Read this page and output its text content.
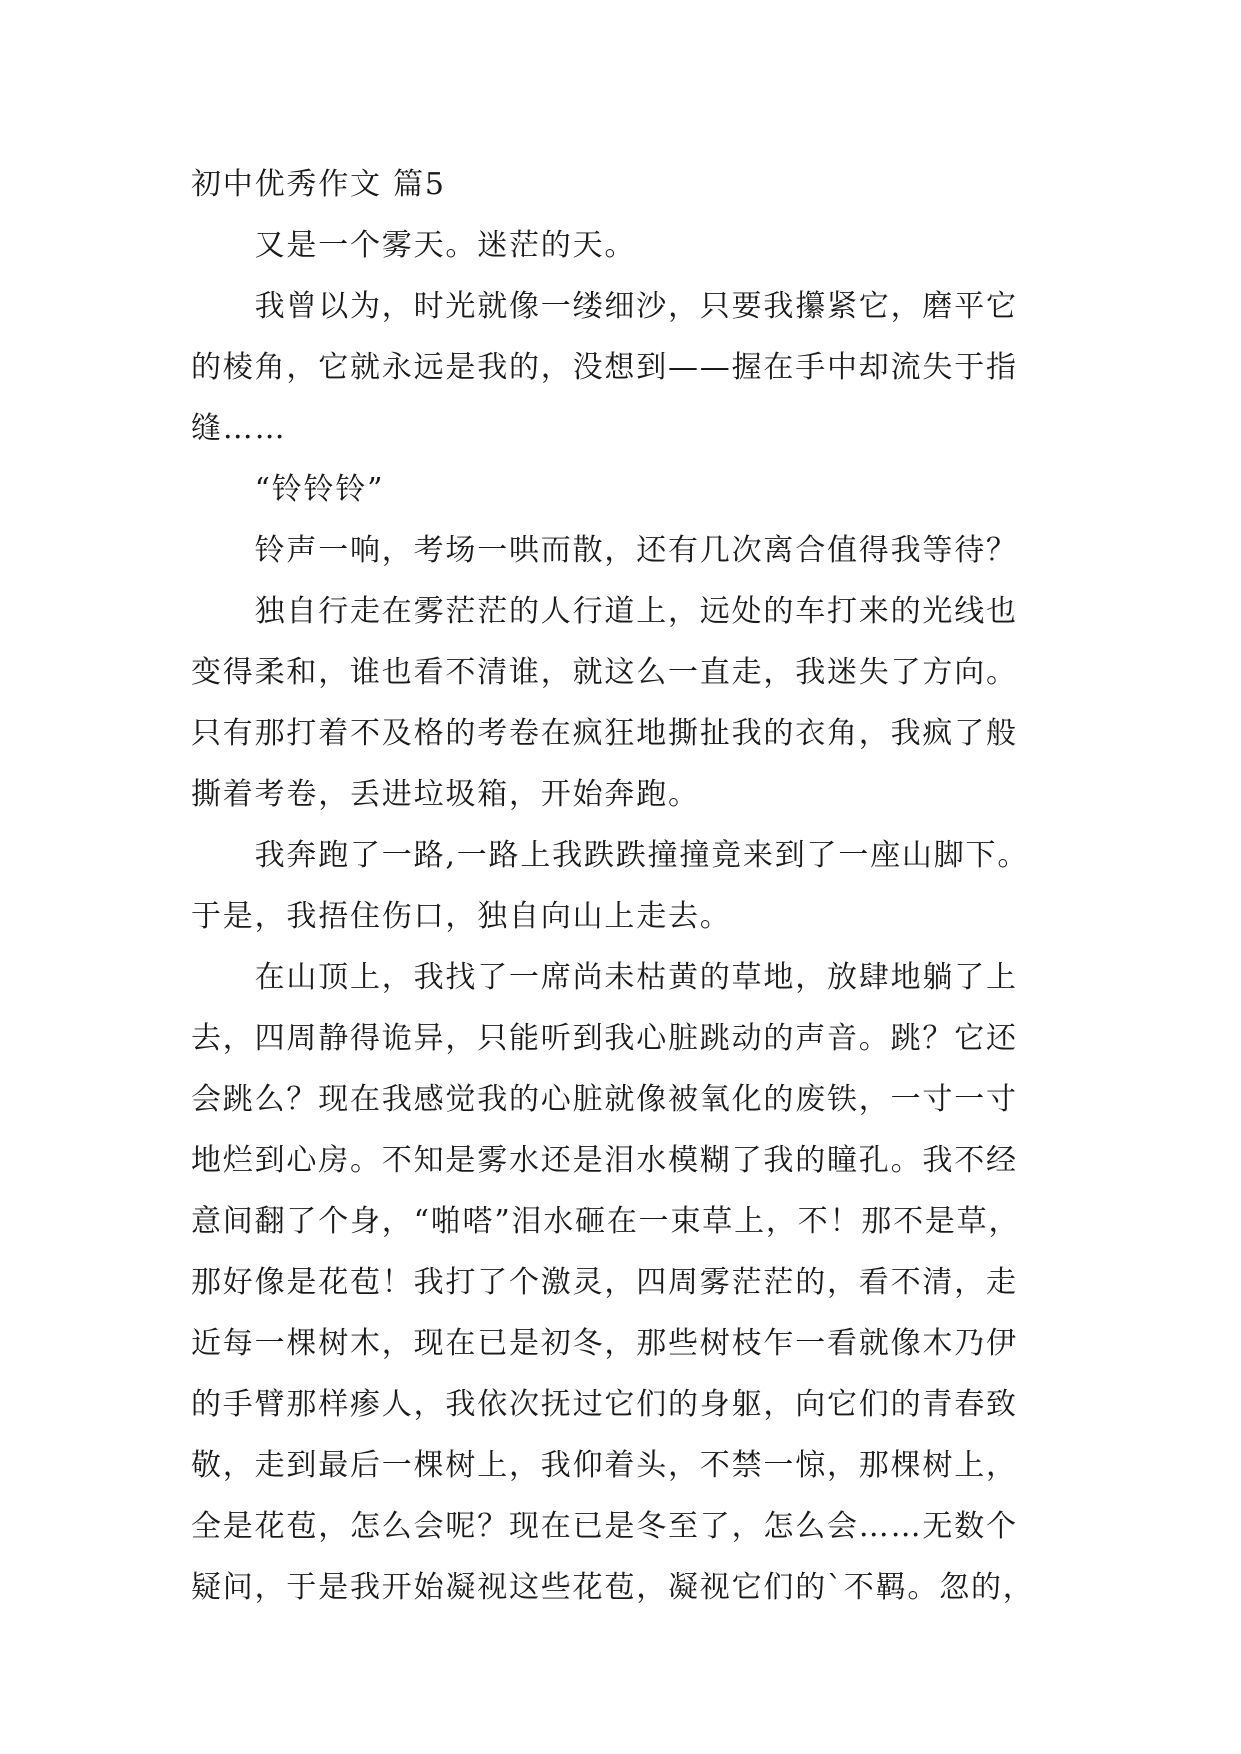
初中优秀作文 篇5
　　又是一个雾天。迷茫的天。
　　我曾以为，时光就像一缕细沙，只要我攥紧它，磨平它
的棱角，它就永远是我的，没想到——握在手中却流失于指
缝……
　　“铃铃铃”
　　铃声一响，考场一哄而散，还有几次离合值得我等待？
　　独自行走在雾茫茫的人行道上，远处的车打来的光线也
变得柔和，谁也看不清谁，就这么一直走，我迷失了方向。
只有那打着不及格的考卷在疯狂地撕扯我的衣角，我疯了般
撕着考卷，丢进垃圾箱，开始奔跑。
　　我奔跑了一路,一路上我跌跌撞撞竟来到了一座山脚下。
于是，我捂住伤口，独自向山上走去。
　　在山顶上，我找了一席尚未枯黄的草地，放肆地躺了上
去，四周静得诡异，只能听到我心脏跳动的声音。跳？它还
会跳么？现在我感觉我的心脏就像被氧化的废铁，一寸一寸
地烂到心房。不知是雾水还是泪水模糊了我的瞳孔。我不经
意间翻了个身，“啪嗒”泪水砸在一束草上，不！那不是草，
那好像是花苞！我打了个激灵，四周雾茫茫的，看不清，走
近每一棵树木，现在已是初冬，那些树枝乍一看就像木乃伊
的手臂那样瘆人，我依次抚过它们的身躯，向它们的青春致
敬，走到最后一棵树上，我仰着头，不禁一惊，那棵树上，
全是花苞，怎么会呢？现在已是冬至了，怎么会……无数个
疑问，于是我开始凝视这些花苞，凝视它们的`不羁。忽的，
